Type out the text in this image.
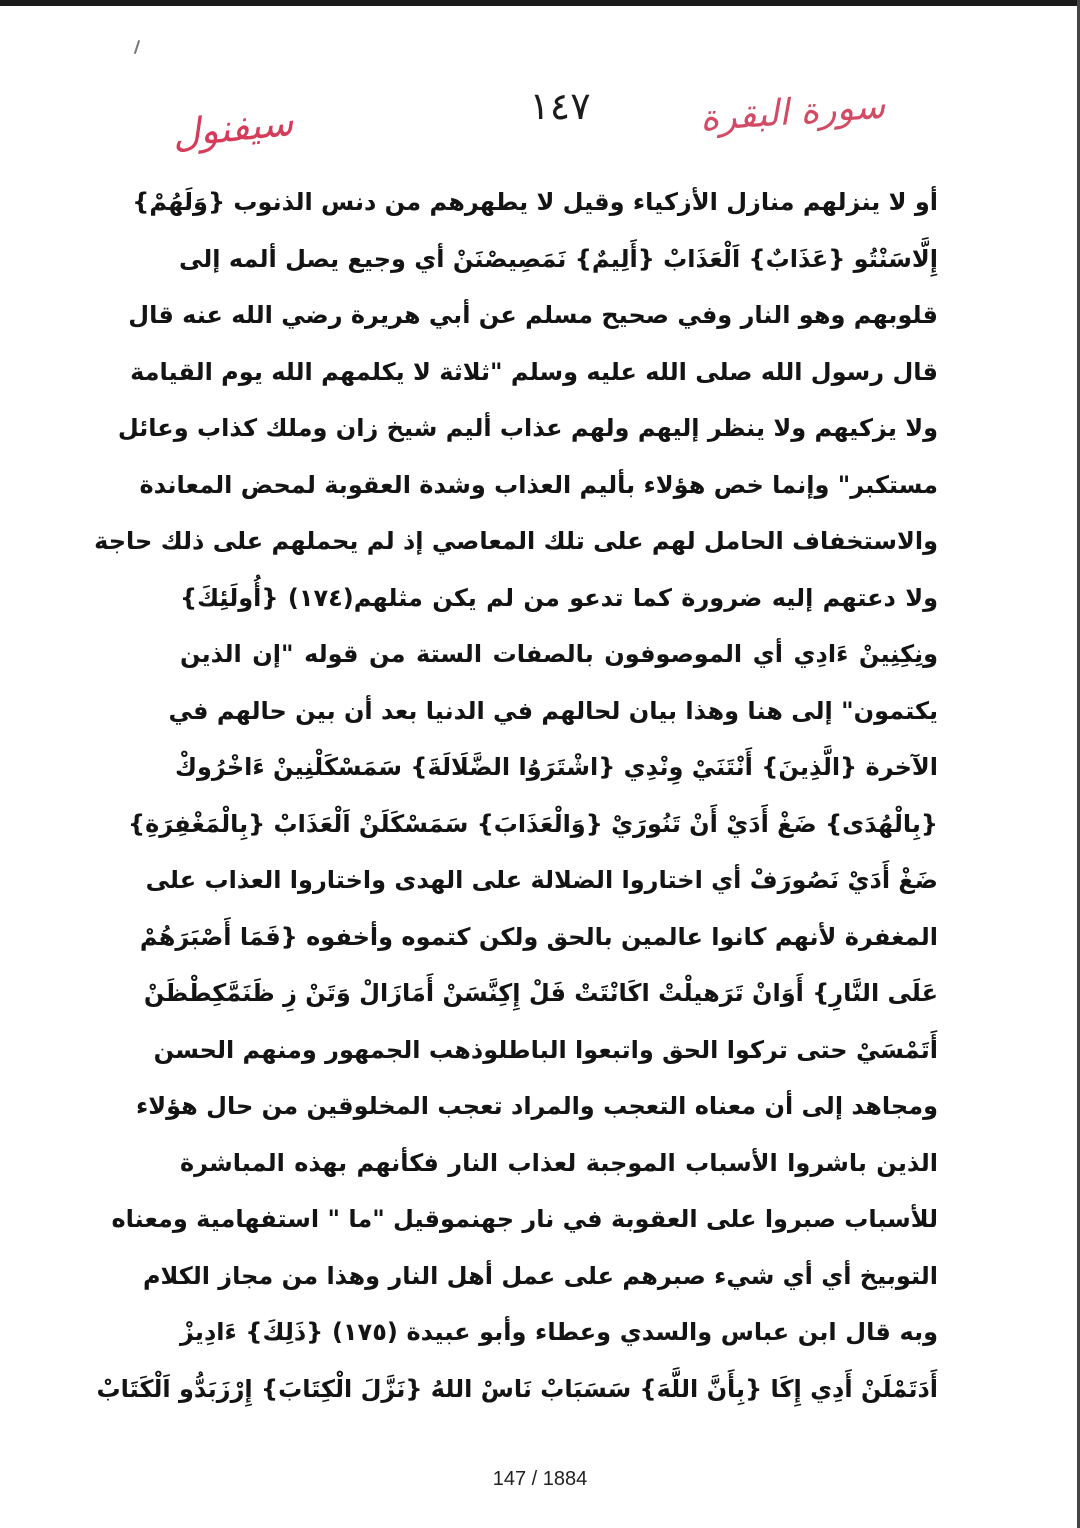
١٤٧	سورة البقرة
سيفنول
أو لا ينزلهم منازل الأزكياء وقيل لا يطهرهم من دنس الذنوب {وَلَهُمْ}
إِلَّاسَنْتُو {عَذَابٌ} اَلْعَذَابْ {أَلِيمٌ} نَمَصِيصْنَنْ أي وجيع يصل ألمه إلى
قلوبهم وهو النار وفي صحيح مسلم عن أبي هريرة رضي الله عنه قال
قال رسول الله صلى الله عليه وسلم "ثلاثة لا يكلمهم الله يوم القيامة
ولا يزكيهم ولا ينظر إليهم ولهم عذاب أليم شيخ زان وملك كذاب وعائل
مستكبر" وإنما خص هؤلاء بأليم العذاب وشدة العقوبة لمحض المعاندة
والاستخفاف الحامل لهم على تلك المعاصي إذ لم يحملهم على ذلك حاجة
ولا دعتهم إليه ضرورة كما تدعو من لم يكن مثلهم(١٧٤) {أُولَئِكَ}
ونِكِنِينْ ءَادِي أي الموصوفون بالصفات الستة من قوله "إن الذين
يكتمون" إلى هنا وهذا بيان لحالهم في الدنيا بعد أن بين حالهم في
الآخرة {الَّذِينَ} أَنْتَنَيْ وِنْدِي {اشْتَرَوُا الضَّلَالَةَ} سَمَسْكَلْنِينْ ءَاخْرُوكْ
{بِالْهُدَى} ضَغْ أَدَيْ أَنْ تَنُورَيْ {وَالْعَذَابَ} سَمَسْكَلَنْ اَلْعَذَابْ {بِالْمَغْفِرَةِ}
ضَغْ أَدَيْ نَصُورَفْ أي اختاروا الضلالة على الهدى واختاروا العذاب على
المغفرة لأنهم كانوا عالمين بالحق ولكن كتموه وأخفوه {فَمَا أَصْبَرَهُمْ
عَلَى النَّارِ} أَوَانْ تَرَهيلْتْ اكَانْتَتْ فَلْ إِكِنَّسَنْ أَمَازَالْ وَتَنْ زِ ظَنَمَّكِطْظَنْ
أَتَمْسَيْ حتى تركوا الحق واتبعوا الباطلوذهب الجمهور ومنهم الحسن
ومجاهد إلى أن معناه التعجب والمراد تعجب المخلوقين من حال هؤلاء
الذين باشروا الأسباب الموجبة لعذاب النار فكأنهم بهذه المباشرة
للأسباب صبروا على العقوبة في نار جهنموقيل "ما " استفهامية ومعناه
التوبيخ أي أي شيء صبرهم على عمل أهل النار وهذا من مجاز الكلام
وبه قال ابن عباس والسدي وعطاء وأبو عبيدة (١٧٥) {ذَلِكَ} ءَادِيزْ
أَدَتَمْلَنْ أَدِي إِكَا {بِأَنَّ اللَّهَ} سَسَبَابْ نَاسْ اللهُ {نَزَّلَ الْكِتَابَ} إِرْزَبَدُّو اَلْكَتَابْ
147 / 1884
